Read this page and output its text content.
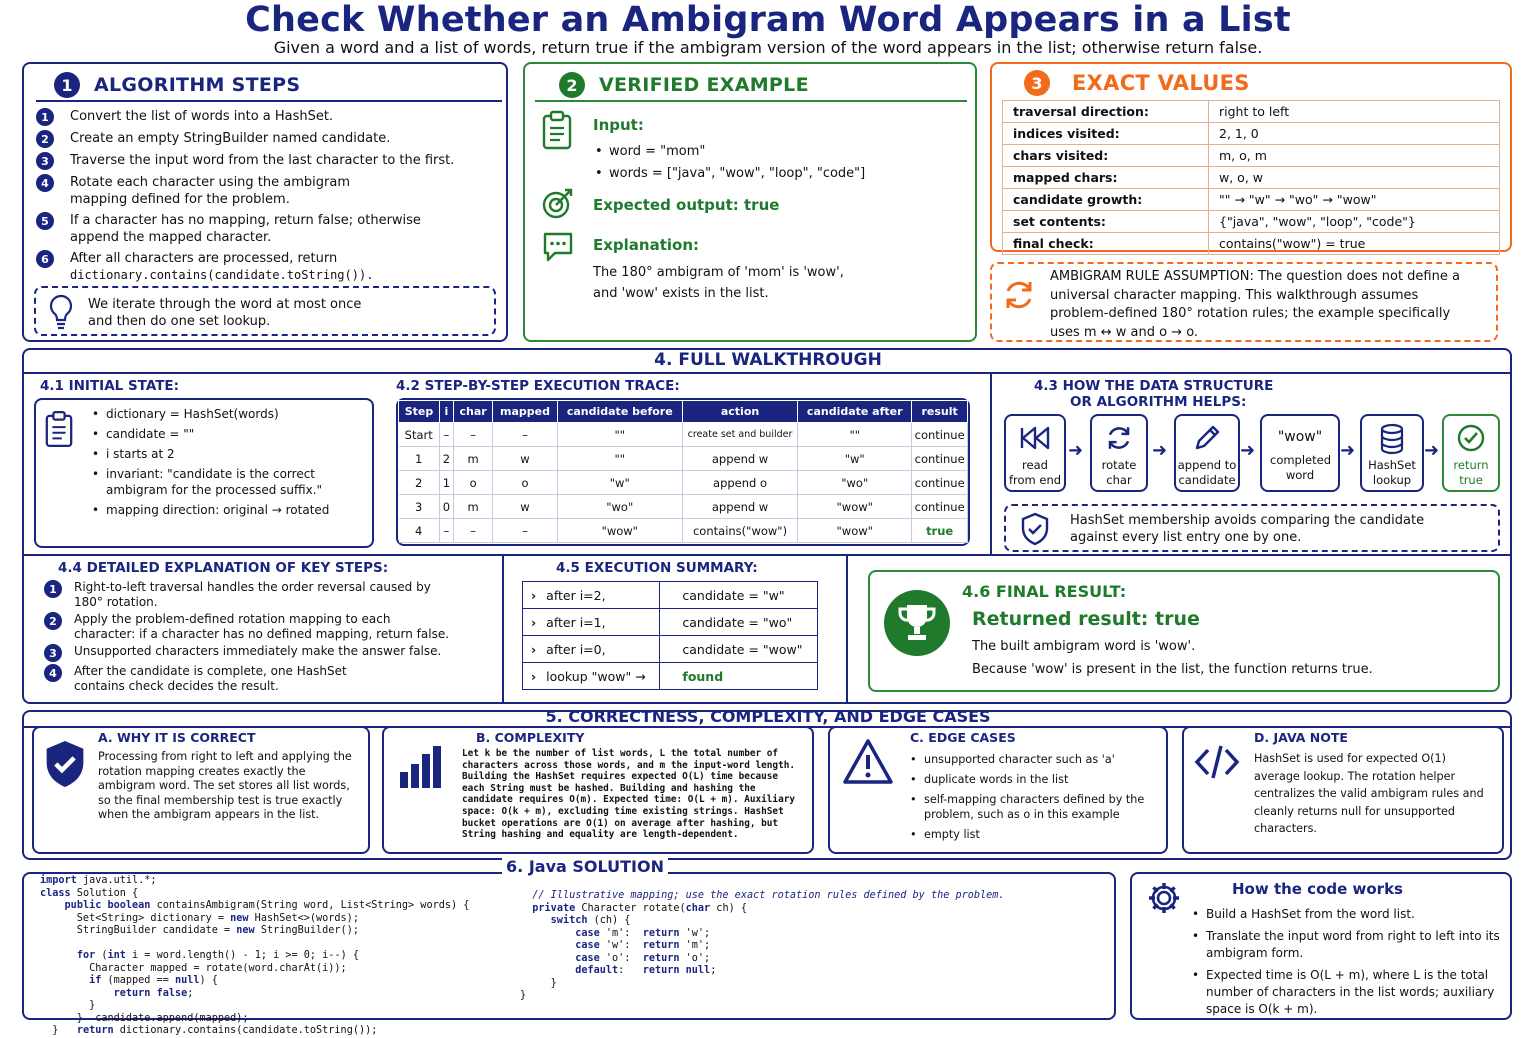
Check Whether an Ambigram Word Appears in a List
Given a word and a list of words, return true if the ambigram version of the word appears in the list; otherwise return false.
1	ALGORITHM STEPS
1	Convert the list of words into a HashSet.
2	Create an empty StringBuilder named candidate.
3	Traverse the input word from the last character to the first.
4	Rotate each character using the ambigram mapping defined for the problem.
5	If a character has no mapping, return false; otherwise append the mapped character.
6	After all characters are processed, return
dictionary.contains(candidate.toString()).
We iterate through the word at most once and then do one set lookup.
2	VERIFIED EXAMPLE
Input:
• word = "mom"
• words = ["java", "wow", "loop", "code"]
Expected output: true
Explanation:
The 180° ambigram of 'mom' is 'wow', and 'wow' exists in the list.
3	EXACT VALUES
traversal direction:	right to left
indices visited:	2, 1, 0
chars visited:	m, o, m
mapped chars:	w, o, w
candidate growth:	"" → "w" → "wo" → "wow"
set contents:	{"java", "wow", "loop", "code"}
final check:	contains("wow") = true
AMBIGRAM RULE ASSUMPTION: The question does not define a universal character mapping. This walkthrough assumes problem-defined 180° rotation rules; the example specifically uses m ↔ w and o → o.
4. FULL WALKTHROUGH
4.1 INITIAL STATE:
• dictionary = HashSet(words)
• candidate = ""
• i starts at 2
• invariant: "candidate is the correct ambigram for the processed suffix."
• mapping direction: original → rotated
4.2 STEP-BY-STEP EXECUTION TRACE:
Step	i	char	mapped	candidate before	action	candidate after	result
Start	–	–	–	""	create set and builder	""	continue
1	2	m	w	""	append w	"w"	continue
2	1	o	o	"w"	append o	"wo"	continue
3	0	m	w	"wo"	append w	"wow"	continue
4	–	–	–	"wow"	contains("wow")	"wow"	true
4.3 HOW THE DATA STRUCTURE
OR ALGORITHM HELPS:
read
from end
➜
rotate
char
➜
append to
candidate
➜
"wow"
completed word
➜
HashSet
lookup
➜
return
true
HashSet membership avoids comparing the candidate against every list entry one by one.
4.4 DETAILED EXPLANATION OF KEY STEPS:
1	Right-to-left traversal handles the order reversal caused by 180° rotation.
2	Apply the problem-defined rotation mapping to each character: if a character has no defined mapping, return false.
3	Unsupported characters immediately make the answer false.
4	After the candidate is complete, one HashSet contains check decides the result.
4.5 EXECUTION SUMMARY:
› after i=2,	candidate = "w"
› after i=1,	candidate = "wo"
› after i=0,	candidate = "wow"
› lookup "wow" →	found
4.6 FINAL RESULT:
Returned result: true
The built ambigram word is 'wow'.
Because 'wow' is present in the list, the function returns true.
5. CORRECTNESS, COMPLEXITY, AND EDGE CASES
A. WHY IT IS CORRECT
Processing from right to left and applying the rotation mapping creates exactly the ambigram word. The set stores all list words, so the final membership test is true exactly when the ambigram appears in the list.
B. COMPLEXITY
Let k be the number of list words, L the total number of characters across those words, and m the input-word length. Building the HashSet requires expected O(L) time because each String must be hashed. Building and hashing the candidate requires O(m). Expected time: O(L + m). Auxiliary space: O(k + m), excluding time existing strings. HashSet bucket operations are O(1) on average after hashing, but String hashing and equality are length-dependent.
C. EDGE CASES
• unsupported character such as 'a'
• duplicate words in the list
• self-mapping characters defined by the problem, such as o in this example
• empty list
D. JAVA NOTE
HashSet is used for expected O(1) average lookup. The rotation helper centralizes the valid ambigram rules and cleanly returns null for unsupported characters.
6. Java SOLUTION
import java.util.*;
class Solution {
public boolean containsAmbigram(String word, List<String> words) {
Set<String> dictionary = new HashSet<>(words);
StringBuilder candidate = new StringBuilder();

for (int i = word.length() - 1; i >= 0; i--) {
Character mapped = rotate(word.charAt(i));
if (mapped == null) {
return false;
}
}  candidate.append(mapped);
}   return dictionary.contains(candidate.toString());
// Illustrative mapping; use the exact rotation rules defined by the problem.
private Character rotate(char ch) {
switch (ch) {
case 'm':  return 'w';
case 'w':  return 'm';
case 'o':  return 'o';
default:   return null;
}
}
How the code works
• Build a HashSet from the word list.
• Translate the input word from right to left into its ambigram form.
• Expected time is O(L + m), where L is the total number of characters in the list words; auxiliary space is O(k + m).
